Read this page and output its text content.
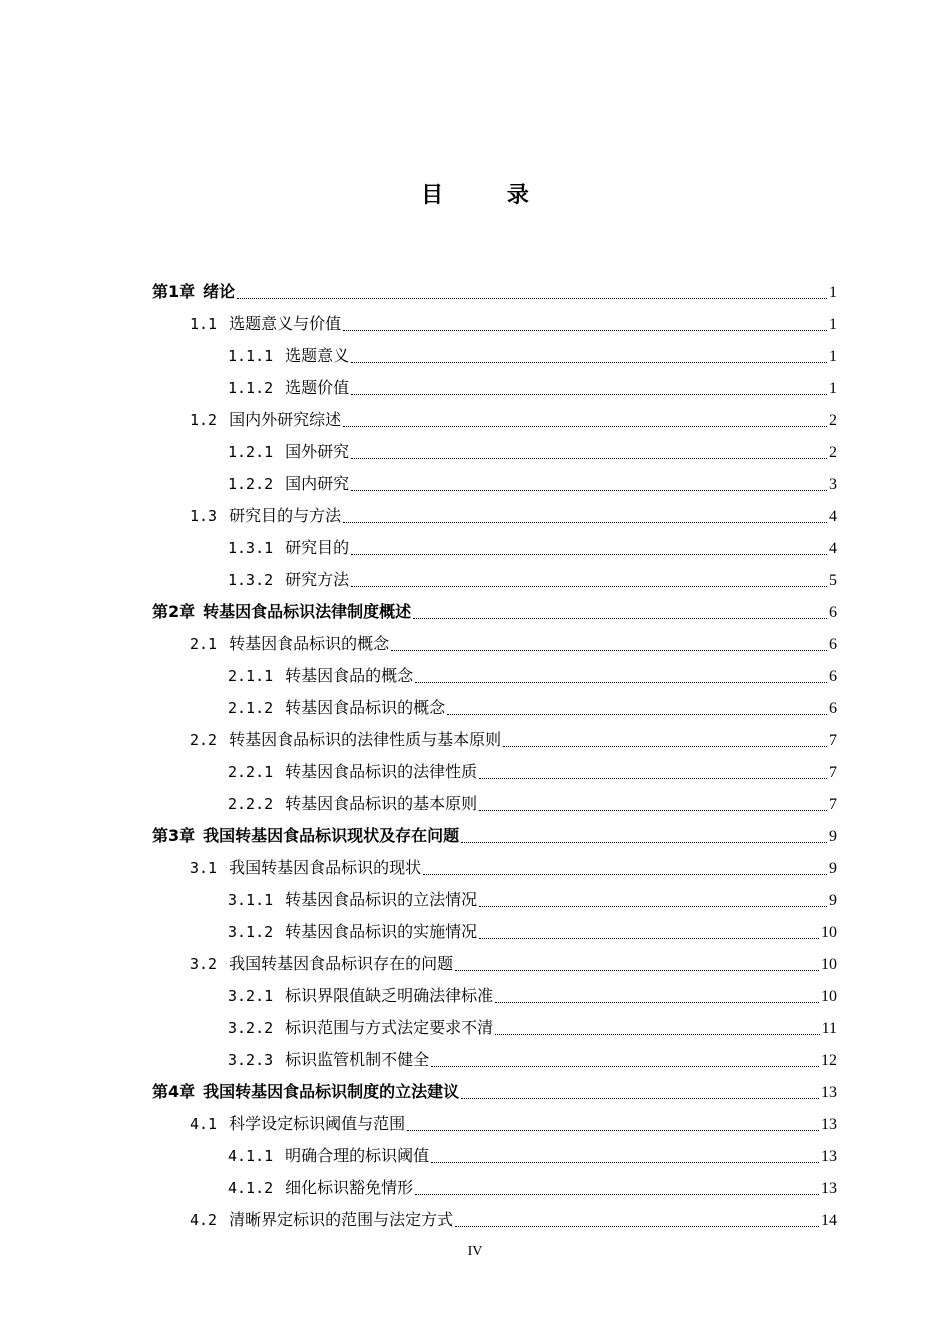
目 录
第1章 绪论	1
1.1 选题意义与价值	1
1.1.1 选题意义	1
1.1.2 选题价值	1
1.2 国内外研究综述	2
1.2.1 国外研究	2
1.2.2 国内研究	3
1.3 研究目的与方法	4
1.3.1 研究目的	4
1.3.2 研究方法	5
第2章 转基因食品标识法律制度概述	6
2.1 转基因食品标识的概念	6
2.1.1 转基因食品的概念	6
2.1.2 转基因食品标识的概念	6
2.2 转基因食品标识的法律性质与基本原则	7
2.2.1 转基因食品标识的法律性质	7
2.2.2 转基因食品标识的基本原则	7
第3章 我国转基因食品标识现状及存在问题	9
3.1 我国转基因食品标识的现状	9
3.1.1 转基因食品标识的立法情况	9
3.1.2 转基因食品标识的实施情况	10
3.2 我国转基因食品标识存在的问题	10
3.2.1 标识界限值缺乏明确法律标准	10
3.2.2 标识范围与方式法定要求不清	11
3.2.3 标识监管机制不健全	12
第4章 我国转基因食品标识制度的立法建议	13
4.1 科学设定标识阈值与范围	13
4.1.1 明确合理的标识阈值	13
4.1.2 细化标识豁免情形	13
4.2 清晰界定标识的范围与法定方式	14
IV
